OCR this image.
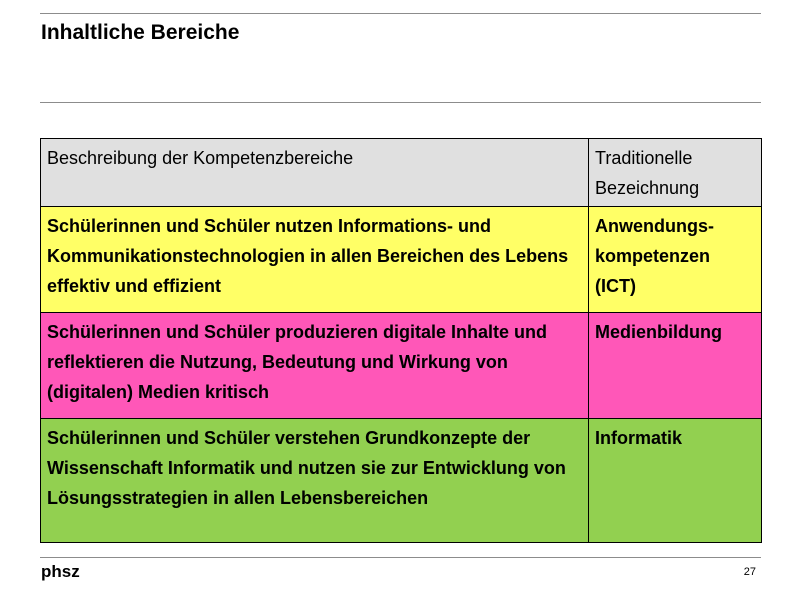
Inhaltliche Bereiche
Beschreibung der Kompetenzbereiche	Traditionelle Bezeichnung
Schülerinnen und Schüler nutzen Informations- und Kommunikationstechnologien in allen Bereichen des Lebens effektiv und effizient	Anwendungs-kompetenzen (ICT)
Schülerinnen und Schüler produzieren digitale Inhalte und reflektieren die Nutzung, Bedeutung und Wirkung von (digitalen) Medien kritisch	Medienbildung
Schülerinnen und Schüler verstehen Grundkonzepte der Wissenschaft Informatik und nutzen sie zur Entwicklung von Lösungsstrategien in allen Lebensbereichen	Informatik
phsz	27
